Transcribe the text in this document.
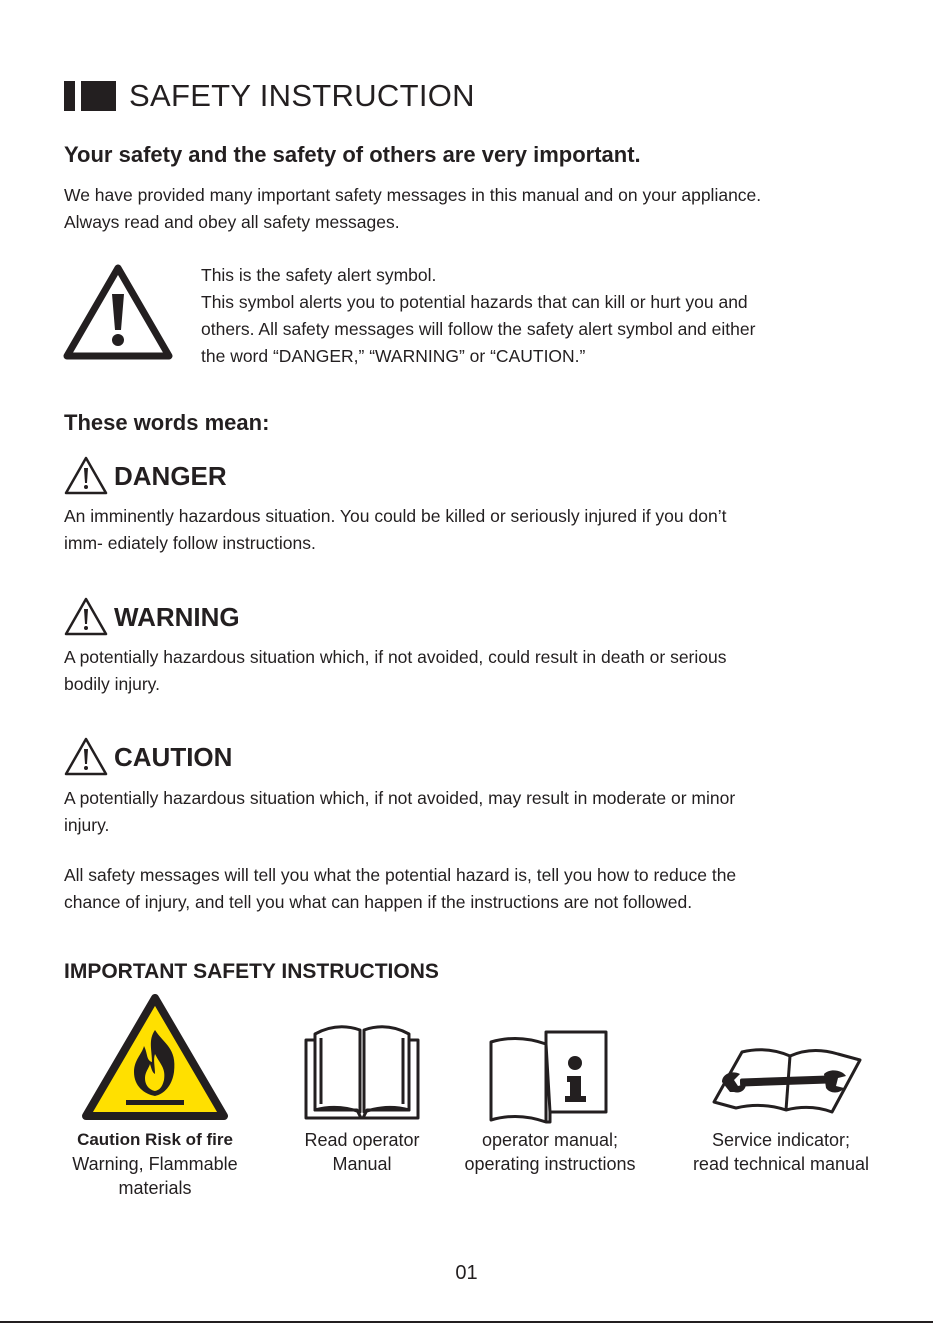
SAFETY INSTRUCTION
Your safety and the safety of others are very important.

We have provided many important safety messages in this manual and on your appliance.

Always read and obey all safety messages.

This is the safety alert symbol.

This symbol alerts you to potential hazards that can kill or hurt you and

others. All safety messages will follow the safety alert symbol and either

the word “DANGER,” “WARNING” or “CAUTION.”

These words mean:
DANGER

An imminently hazardous situation. You could be killed or seriously injured if you don’t

imm- ediately follow instructions.

WARNING

A potentially hazardous situation which, if not avoided, could result in death or serious

bodily injury.

CAUTION

A potentially hazardous situation which, if not avoided, may result in moderate or minor

injury.

All safety messages will tell you what the potential hazard is, tell you how to reduce the

chance of injury, and tell you what can happen if the instructions are not followed.

IMPORTANT SAFETY INSTRUCTIONS
Caution Risk of fire
Warning, Flammable
materials
Read operator
Manual
operator manual;
operating instructions
Service indicator;
read technical manual
01
